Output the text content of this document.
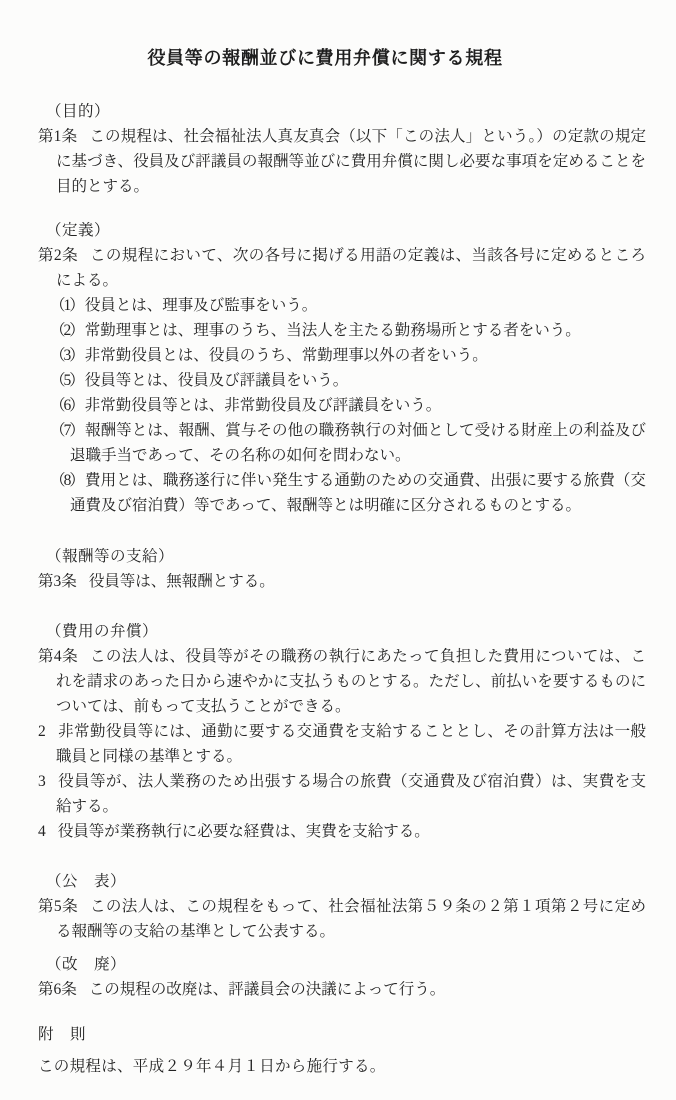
役員等の報酬並びに費用弁償に関する規程

（目的）

第1条 この規程は、社会福祉法人真友真会（以下「この法人」という。）の定款の規定に基づき、役員及び評議員の報酬等並びに費用弁償に関し必要な事項を定めることを目的とする。

（定義）

第2条 この規程において、次の各号に掲げる用語の定義は、当該各号に定めるところによる。

（1） 役員とは、理事及び監事をいう。

（2） 常勤理事とは、理事のうち、当法人を主たる勤務場所とする者をいう。

（3） 非常勤役員とは、役員のうち、常勤理事以外の者をいう。

（5） 役員等とは、役員及び評議員をいう。

（6） 非常勤役員等とは、非常勤役員及び評議員をいう。

（7） 報酬等とは、報酬、賞与その他の職務執行の対価として受ける財産上の利益及び退職手当であって、その名称の如何を問わない。

（8） 費用とは、職務遂行に伴い発生する通勤のための交通費、出張に要する旅費（交通費及び宿泊費）等であって、報酬等とは明確に区分されるものとする。

（報酬等の支給）

第3条 役員等は、無報酬とする。

（費用の弁償）

第4条 この法人は、役員等がその職務の執行にあたって負担した費用については、これを請求のあった日から速やかに支払うものとする。ただし、前払いを要するものについては、前もって支払うことができる。

2 非常勤役員等には、通勤に要する交通費を支給することとし、その計算方法は一般職員と同様の基準とする。

3 役員等が、法人業務のため出張する場合の旅費（交通費及び宿泊費）は、実費を支給する。

4 役員等が業務執行に必要な経費は、実費を支給する。

（公　表）

第5条 この法人は、この規程をもって、社会福祉法第５９条の２第１項第２号に定める報酬等の支給の基準として公表する。

（改　廃）

第6条 この規程の改廃は、評議員会の決議によって行う。

附　則

この規程は、平成２９年４月１日から施行する。
